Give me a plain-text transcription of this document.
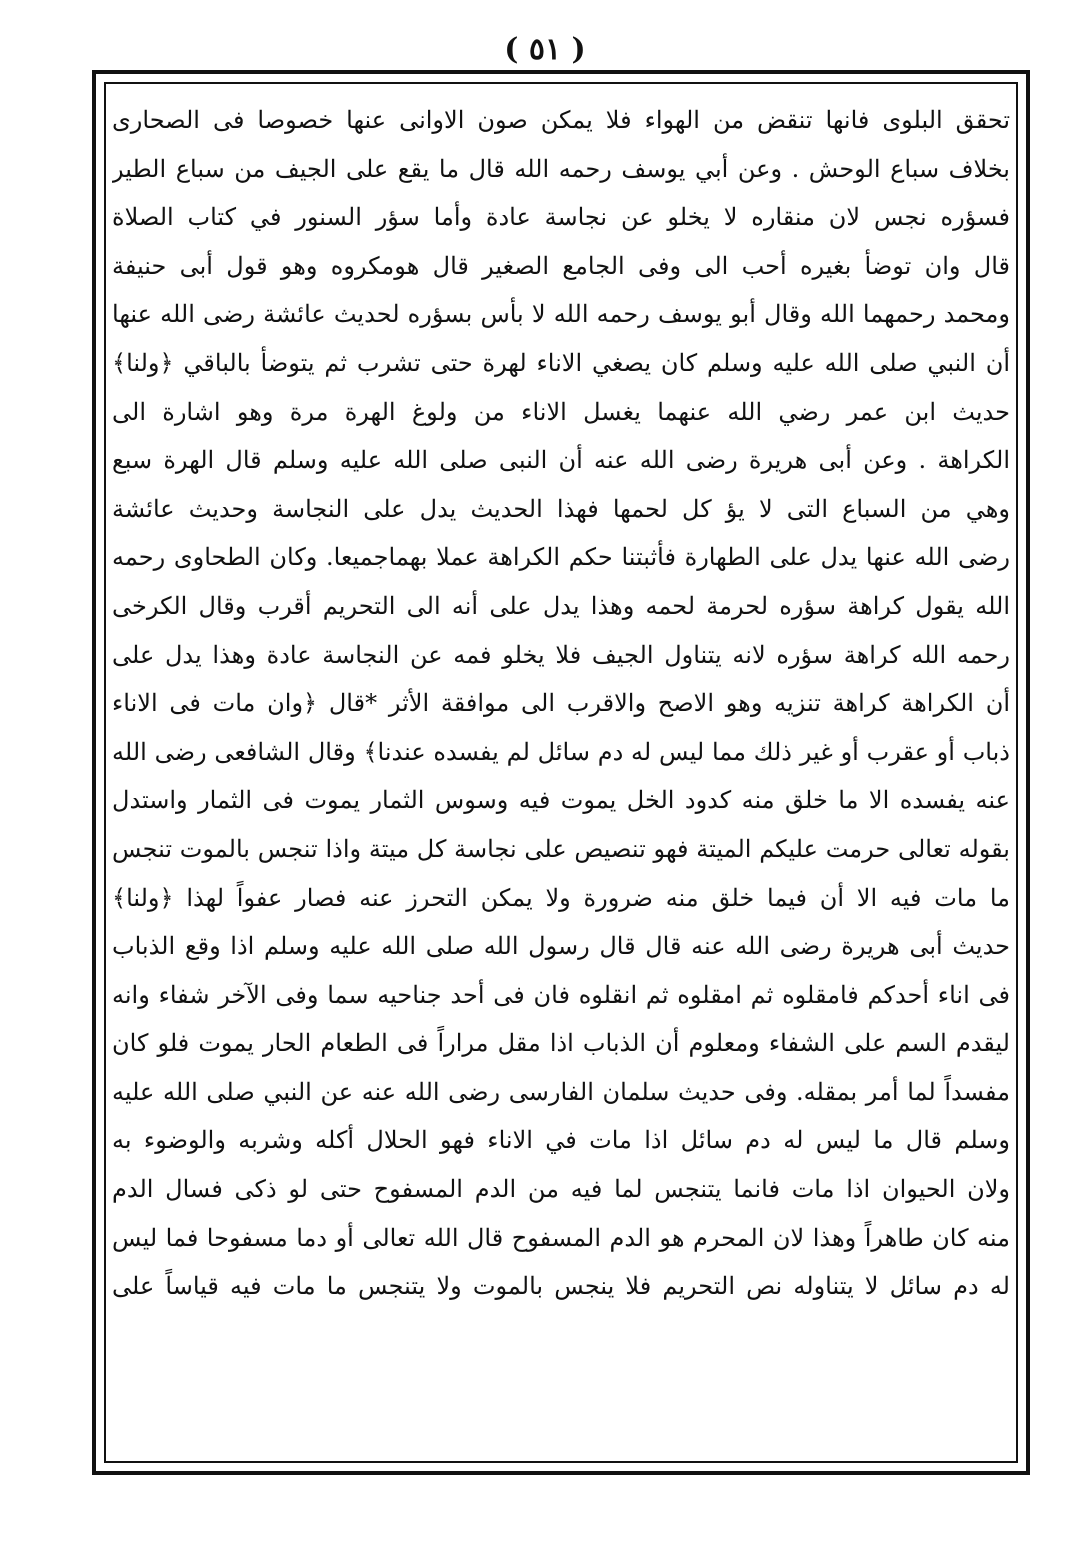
( ٥١ )
تحقق البلوى فانها تنقض من الهواء فلا يمكن صون الاوانى عنها خصوصا فى الصحارى
بخلاف سباع الوحش . وعن أبي يوسف رحمه الله قال ما يقع على الجيف من سباع الطير
فسؤره نجس لان منقاره لا يخلو عن نجاسة عادة وأما سؤر السنور في كتاب الصلاة
قال وان توضأ بغيره أحب الى وفى الجامع الصغير قال هومكروه وهو قول أبى حنيفة
ومحمد رحمهما الله وقال أبو يوسف رحمه الله لا بأس بسؤره لحديث عائشة رضى الله عنها
أن النبي صلى الله عليه وسلم كان يصغي الاناء لهرة حتى تشرب ثم يتوضأ بالباقي ﴿ولنا﴾
حديث ابن عمر رضي الله عنهما يغسل الاناء من ولوغ الهرة مرة وهو اشارة الى
الكراهة . وعن أبى هريرة رضى الله عنه أن النبى صلى الله عليه وسلم قال الهرة سبع
وهي من السباع التى لا يؤ كل لحمها فهذا الحديث يدل على النجاسة وحديث عائشة
رضى الله عنها يدل على الطهارة فأثبتنا حكم الكراهة عملا بهماجميعا. وكان الطحاوى رحمه
الله يقول كراهة سؤره لحرمة لحمه وهذا يدل على أنه الى التحريم أقرب وقال الكرخى
رحمه الله كراهة سؤره لانه يتناول الجيف فلا يخلو فمه عن النجاسة عادة وهذا يدل على
أن الكراهة كراهة تنزيه وهو الاصح والاقرب الى موافقة الأثر *قال ﴿وان مات فى الاناء
ذباب أو عقرب أو غير ذلك مما ليس له دم سائل لم يفسده عندنا﴾ وقال الشافعى رضى الله
عنه يفسده الا ما خلق منه كدود الخل يموت فيه وسوس الثمار يموت فى الثمار واستدل
بقوله تعالى حرمت عليكم الميتة فهو تنصيص على نجاسة كل ميتة واذا تنجس بالموت تنجس
ما مات فيه الا أن فيما خلق منه ضرورة ولا يمكن التحرز عنه فصار عفواً لهذا ﴿ولنا﴾
حديث أبى هريرة رضى الله عنه قال قال رسول الله صلى الله عليه وسلم اذا وقع الذباب
فى اناء أحدكم فامقلوه ثم امقلوه ثم انقلوه فان فى أحد جناحيه سما وفى الآخر شفاء وانه
ليقدم السم على الشفاء ومعلوم أن الذباب اذا مقل مراراً فى الطعام الحار يموت فلو كان
مفسداً لما أمر بمقله. وفى حديث سلمان الفارسى رضى الله عنه عن النبي صلى الله عليه
وسلم قال ما ليس له دم سائل اذا مات في الاناء فهو الحلال أكله وشربه والوضوء به
ولان الحيوان اذا مات فانما يتنجس لما فيه من الدم المسفوح حتى لو ذكى فسال الدم
منه كان طاهراً وهذا لان المحرم هو الدم المسفوح قال الله تعالى أو دما مسفوحا فما ليس
له دم سائل لا يتناوله نص التحريم فلا ينجس بالموت ولا يتنجس ما مات فيه قياساً على
